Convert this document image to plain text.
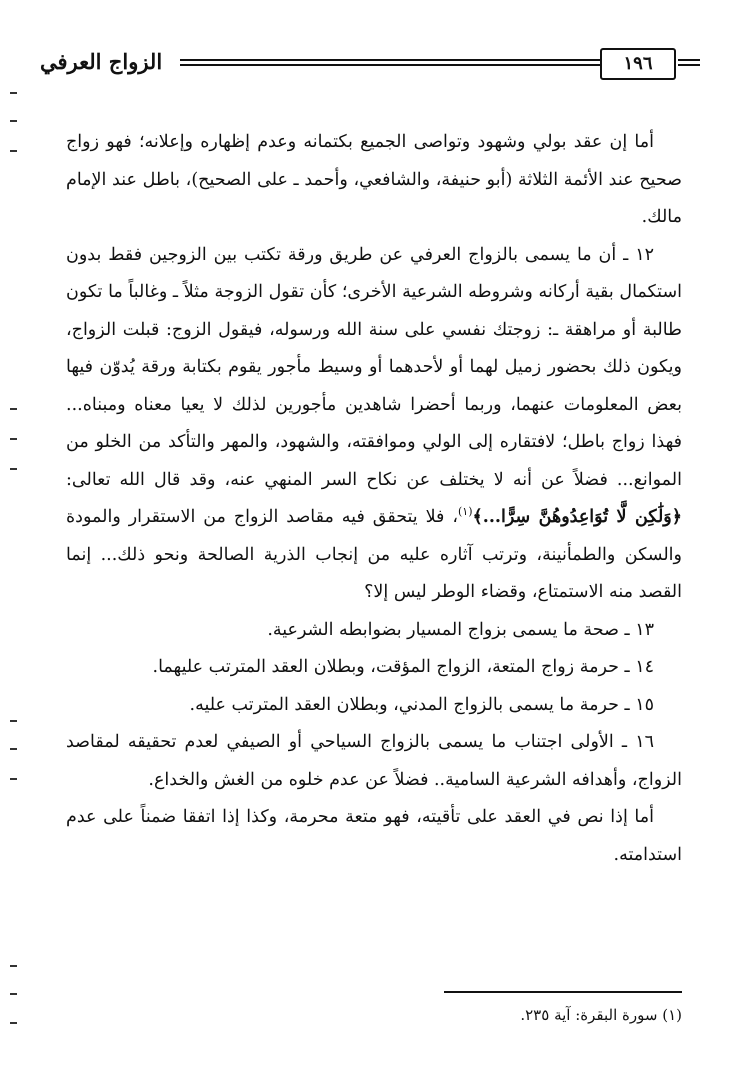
الزواج العرفي	١٩٦

أما إن عقد بولي وشهود وتواصى الجميع بكتمانه وعدم إظهاره وإعلانه؛ فهو زواج صحيح عند الأئمة الثلاثة (أبو حنيفة، والشافعي، وأحمد ـ على الصحيح)، باطل عند الإمام مالك.

١٢ ـ أن ما يسمى بالزواج العرفي عن طريق ورقة تكتب بين الزوجين فقط بدون استكمال بقية أركانه وشروطه الشرعية الأخرى؛ كأن تقول الزوجة مثلاً ـ وغالباً ما تكون طالبة أو مراهقة ـ: زوجتك نفسي على سنة الله ورسوله، فيقول الزوج: قبلت الزواج، ويكون ذلك بحضور زميل لهما أو لأحدهما أو وسيط مأجور يقوم بكتابة ورقة يُدوّن فيها بعض المعلومات عنهما، وربما أحضرا شاهدين مأجورين لذلك لا يعيا معناه ومبناه... فهذا زواج باطل؛ لافتقاره إلى الولي وموافقته، والشهود، والمهر والتأكد من الخلو من الموانع... فضلاً عن أنه لا يختلف عن نكاح السر المنهي عنه، وقد قال الله تعالى: ﴿وَلَٰكِن لَّا تُوَاعِدُوهُنَّ سِرًّا...﴾$^{(١)}$، فلا يتحقق فيه مقاصد الزواج من الاستقرار والمودة والسكن والطمأنينة، وترتب آثاره عليه من إنجاب الذرية الصالحة ونحو ذلك... إنما القصد منه الاستمتاع، وقضاء الوطر ليس إلا؟

١٣ ـ صحة ما يسمى بزواج المسيار بضوابطه الشرعية.

١٤ ـ حرمة زواج المتعة، الزواج المؤقت، وبطلان العقد المترتب عليهما.

١٥ ـ حرمة ما يسمى بالزواج المدني، وبطلان العقد المترتب عليه.

١٦ ـ الأولى اجتناب ما يسمى بالزواج السياحي أو الصيفي لعدم تحقيقه لمقاصد الزواج، وأهدافه الشرعية السامية.. فضلاً عن عدم خلوه من الغش والخداع.

أما إذا نص في العقد على تأقيته، فهو متعة محرمة، وكذا إذا اتفقا ضمناً على عدم استدامته.

(١) سورة البقرة: آية ٢٣٥.
